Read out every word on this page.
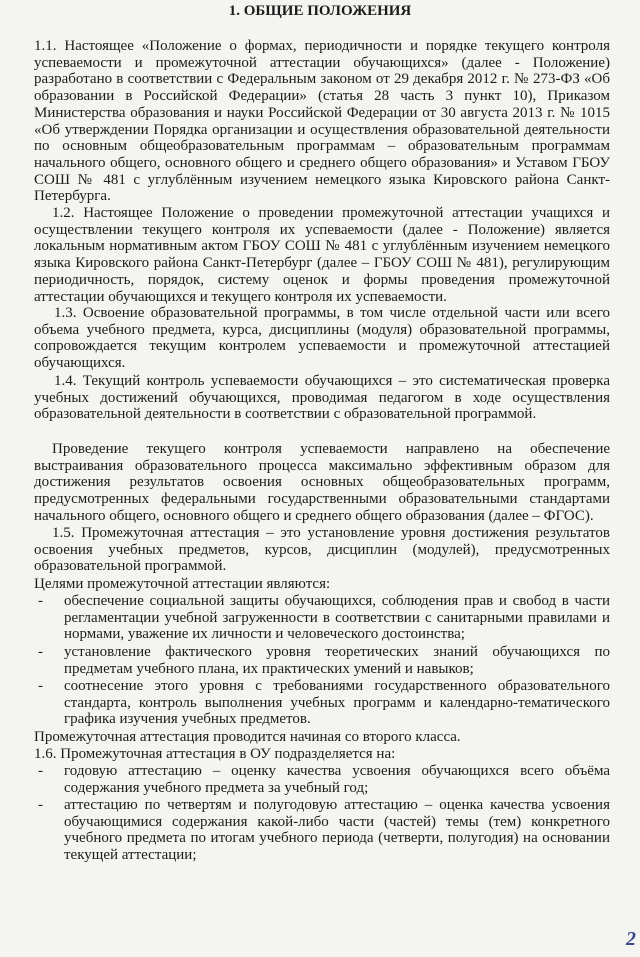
1. ОБЩИЕ ПОЛОЖЕНИЯ
1.1. Настоящее «Положение о формах, периодичности и порядке текущего контроля успеваемости и промежуточной аттестации обучающихся» (далее - Положение) разработано в соответствии с Федеральным законом от 29 декабря 2012 г. № 273-ФЗ «Об образовании в Российской Федерации» (статья 28 часть 3 пункт 10), Приказом Министерства образования и науки Российской Федерации от 30 августа 2013 г. № 1015 «Об утверждении Порядка организации и осуществления образовательной деятельности по основным общеобразовательным программам – образовательным программам начального общего, основного общего и среднего общего образования» и Уставом ГБОУ СОШ № 481 с углублённым изучением немецкого языка Кировского района Санкт-Петербурга.
1.2. Настоящее Положение о проведении промежуточной аттестации учащихся и осуществлении текущего контроля их успеваемости (далее - Положение) является локальным нормативным актом ГБОУ СОШ № 481 с углублённым изучением немецкого языка Кировского района Санкт-Петербург (далее – ГБОУ СОШ № 481), регулирующим периодичность, порядок, систему оценок и формы проведения промежуточной аттестации обучающихся и текущего контроля их успеваемости.
1.3. Освоение образовательной программы, в том числе отдельной части или всего объема учебного предмета, курса, дисциплины (модуля) образовательной программы, сопровождается текущим контролем успеваемости и промежуточной аттестацией обучающихся.
1.4. Текущий контроль успеваемости обучающихся – это систематическая проверка учебных достижений обучающихся, проводимая педагогом в ходе осуществления образовательной деятельности в соответствии с образовательной программой.
Проведение текущего контроля успеваемости направлено на обеспечение выстраивания образовательного процесса максимально эффективным образом для достижения результатов освоения основных общеобразовательных программ, предусмотренных федеральными государственными образовательными стандартами начального общего, основного общего и среднего общего образования (далее – ФГОС).
1.5. Промежуточная аттестация – это установление уровня достижения результатов освоения учебных предметов, курсов, дисциплин (модулей), предусмотренных образовательной программой.
Целями промежуточной аттестации являются:
- обеспечение социальной защиты обучающихся, соблюдения прав и свобод в части регламентации учебной загруженности в соответствии с санитарными правилами и нормами, уважение их личности и человеческого достоинства;
- установление фактического уровня теоретических знаний обучающихся по предметам учебного плана, их практических умений и навыков;
- соотнесение этого уровня с требованиями государственного образовательного стандарта, контроль выполнения учебных программ и календарно-тематического графика изучения учебных предметов.
Промежуточная аттестация проводится начиная со второго класса.
1.6. Промежуточная аттестация в ОУ подразделяется на:
- годовую аттестацию – оценку качества усвоения обучающихся всего объёма содержания учебного предмета за учебный год;
- аттестацию по четвертям и полугодовую аттестацию – оценка качества усвоения обучающимися содержания какой-либо части (частей) темы (тем) конкретного учебного предмета по итогам учебного периода (четверти, полугодия) на основании текущей аттестации;
2
